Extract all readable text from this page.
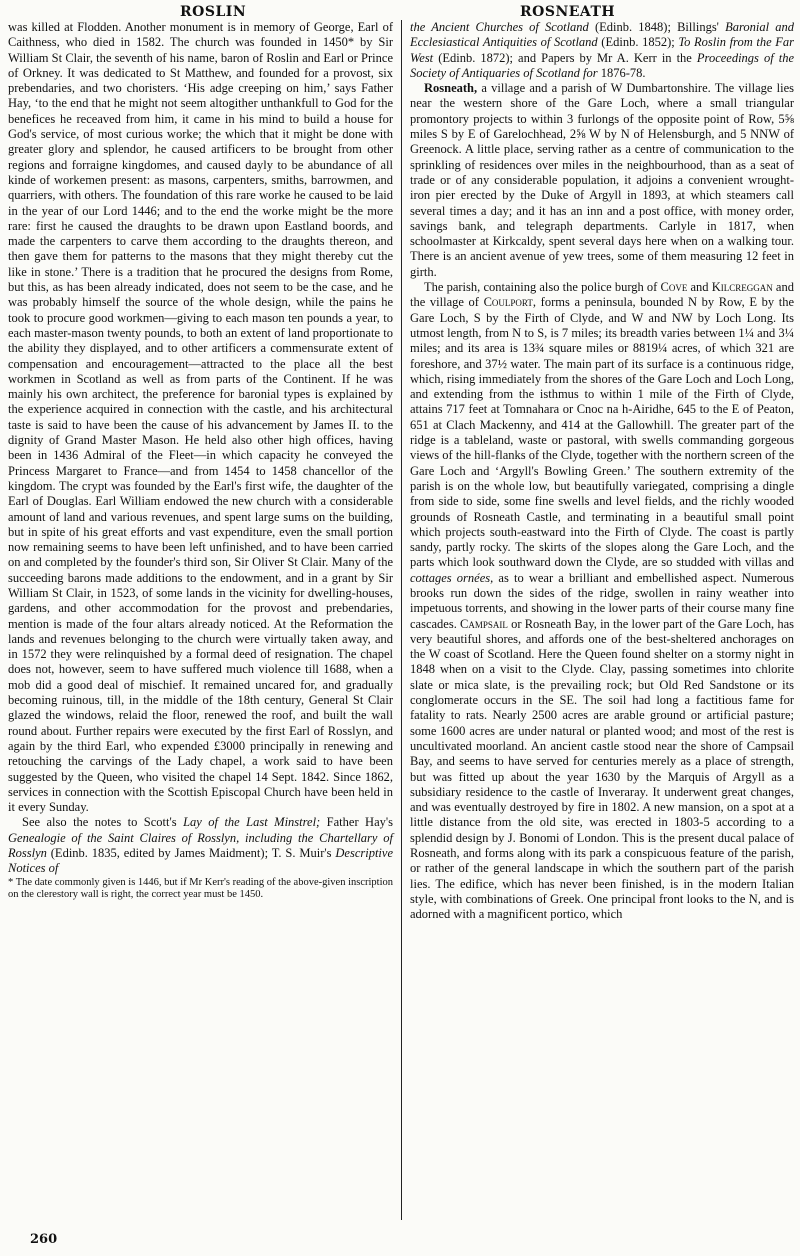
ROSLIN	ROSNEATH

was killed at Flodden. Another monument is in memory of George, Earl of Caithness, who died in 1582. The church was founded in 1450* by Sir William St Clair, the seventh of his name, baron of Roslin and Earl or Prince of Orkney. It was dedicated to St Matthew, and founded for a provost, six prebendaries, and two choristers. ‘His adge creeping on him,’ says Father Hay, ‘to the end that he might not seem altogither unthankfull to God for the benefices he receaved from him, it came in his mind to build a house for God's service, of most curious worke; the which that it might be done with greater glory and splendor, he caused artificers to be brought from other regions and forraigne kingdomes, and caused dayly to be abundance of all kinde of workemen present: as masons, carpenters, smiths, barrowmen, and quarriers, with others. The foundation of this rare worke he caused to be laid in the year of our Lord 1446; and to the end the worke might be the more rare: first he caused the draughts to be drawn upon Eastland boords, and made the carpenters to carve them according to the draughts thereon, and then gave them for patterns to the masons that they might thereby cut the like in stone.’ There is a tradition that he procured the designs from Rome, but this, as has been already indicated, does not seem to be the case, and he was probably himself the source of the whole design, while the pains he took to procure good workmen—giving to each mason ten pounds a year, to each master-mason twenty pounds, to both an extent of land proportionate to the ability they displayed, and to other artificers a commensurate extent of compensation and encouragement—attracted to the place all the best workmen in Scotland as well as from parts of the Continent. If he was mainly his own architect, the preference for baronial types is explained by the experience acquired in connection with the castle, and his architectural taste is said to have been the cause of his advancement by James II. to the dignity of Grand Master Mason. He held also other high offices, having been in 1436 Admiral of the Fleet—in which capacity he conveyed the Princess Margaret to France—and from 1454 to 1458 chancellor of the kingdom. The crypt was founded by the Earl's first wife, the daughter of the Earl of Douglas. Earl William endowed the new church with a considerable amount of land and various revenues, and spent large sums on the building, but in spite of his great efforts and vast expenditure, even the small portion now remaining seems to have been left unfinished, and to have been carried on and completed by the founder's third son, Sir Oliver St Clair. Many of the succeeding barons made additions to the endowment, and in a grant by Sir William St Clair, in 1523, of some lands in the vicinity for dwelling-houses, gardens, and other accommodation for the provost and prebendaries, mention is made of the four altars already noticed. At the Reformation the lands and revenues belonging to the church were virtually taken away, and in 1572 they were relinquished by a formal deed of resignation. The chapel does not, however, seem to have suffered much violence till 1688, when a mob did a good deal of mischief. It remained uncared for, and gradually becoming ruinous, till, in the middle of the 18th century, General St Clair glazed the windows, relaid the floor, renewed the roof, and built the wall round about. Further repairs were executed by the first Earl of Rosslyn, and again by the third Earl, who expended £3000 principally in renewing and retouching the carvings of the Lady chapel, a work said to have been suggested by the Queen, who visited the chapel 14 Sept. 1842. Since 1862, services in connection with the Scottish Episcopal Church have been held in it every Sunday.

See also the notes to Scott's Lay of the Last Minstrel; Father Hay's Genealogie of the Saint Claires of Rosslyn, including the Chartellary of Rosslyn (Edinb. 1835, edited by James Maidment); T. S. Muir's Descriptive Notices of

* The date commonly given is 1446, but if Mr Kerr's reading of the above-given inscription on the clerestory wall is right, the correct year must be 1450.

the Ancient Churches of Scotland (Edinb. 1848); Billings' Baronial and Ecclesiastical Antiquities of Scotland (Edinb. 1852); To Roslin from the Far West (Edinb. 1872); and Papers by Mr A. Kerr in the Proceedings of the Society of Antiquaries of Scotland for 1876-78.

Rosneath, a village and a parish of W Dumbartonshire. The village lies near the western shore of the Gare Loch, where a small triangular promontory projects to within 3 furlongs of the opposite point of Row, 5⅝ miles S by E of Garelochhead, 2⅝ W by N of Helensburgh, and 5 NNW of Greenock. A little place, serving rather as a centre of communication to the sprinkling of residences over miles in the neighbourhood, than as a seat of trade or of any considerable population, it adjoins a convenient wrought-iron pier erected by the Duke of Argyll in 1893, at which steamers call several times a day; and it has an inn and a post office, with money order, savings bank, and telegraph departments. Carlyle in 1817, when schoolmaster at Kirkcaldy, spent several days here when on a walking tour. There is an ancient avenue of yew trees, some of them measuring 12 feet in girth.

The parish, containing also the police burgh of Cove and Kilcreggan and the village of Coulport, forms a peninsula, bounded N by Row, E by the Gare Loch, S by the Firth of Clyde, and W and NW by Loch Long. Its utmost length, from N to S, is 7 miles; its breadth varies between 1¼ and 3¼ miles; and its area is 13¾ square miles or 8819¼ acres, of which 321 are foreshore, and 37½ water. The main part of its surface is a continuous ridge, which, rising immediately from the shores of the Gare Loch and Loch Long, and extending from the isthmus to within 1 mile of the Firth of Clyde, attains 717 feet at Tomnahara or Cnoc na h-Airidhe, 645 to the E of Peaton, 651 at Clach Mackenny, and 414 at the Gallowhill. The greater part of the ridge is a tableland, waste or pastoral, with swells commanding gorgeous views of the hill-flanks of the Clyde, together with the northern screen of the Gare Loch and ‘Argyll's Bowling Green.’ The southern extremity of the parish is on the whole low, but beautifully variegated, comprising a dingle from side to side, some fine swells and level fields, and the richly wooded grounds of Rosneath Castle, and terminating in a beautiful small point which projects south-eastward into the Firth of Clyde. The coast is partly sandy, partly rocky. The skirts of the slopes along the Gare Loch, and the parts which look southward down the Clyde, are so studded with villas and cottages ornées, as to wear a brilliant and embellished aspect. Numerous brooks run down the sides of the ridge, swollen in rainy weather into impetuous torrents, and showing in the lower parts of their course many fine cascades. Campsail or Rosneath Bay, in the lower part of the Gare Loch, has very beautiful shores, and affords one of the best-sheltered anchorages on the W coast of Scotland. Here the Queen found shelter on a stormy night in 1848 when on a visit to the Clyde. Clay, passing sometimes into chlorite slate or mica slate, is the prevailing rock; but Old Red Sandstone or its conglomerate occurs in the SE. The soil had long a factitious fame for fatality to rats. Nearly 2500 acres are arable ground or artificial pasture; some 1600 acres are under natural or planted wood; and most of the rest is uncultivated moorland. An ancient castle stood near the shore of Campsail Bay, and seems to have served for centuries merely as a place of strength, but was fitted up about the year 1630 by the Marquis of Argyll as a subsidiary residence to the castle of Inveraray. It underwent great changes, and was eventually destroyed by fire in 1802. A new mansion, on a spot at a little distance from the old site, was erected in 1803-5 according to a splendid design by J. Bonomi of London. This is the present ducal palace of Rosneath, and forms along with its park a conspicuous feature of the parish, or rather of the general landscape in which the southern part of the parish lies. The edifice, which has never been finished, is in the modern Italian style, with combinations of Greek. One principal front looks to the N, and is adorned with a magnificent portico, which

260
